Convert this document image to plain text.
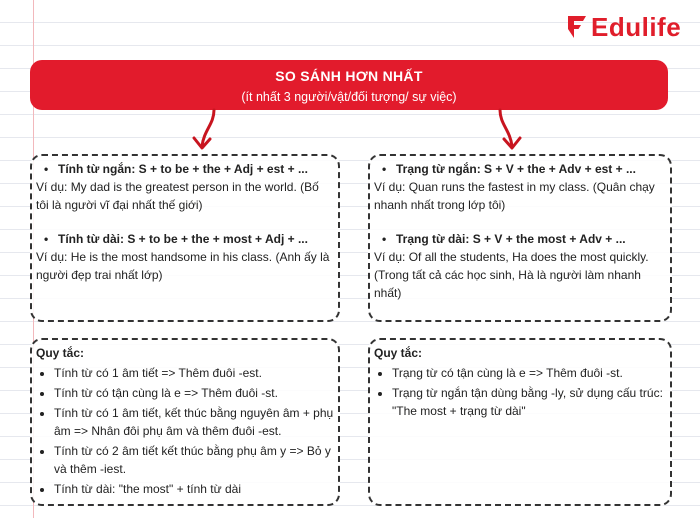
Edulife
SO SÁNH HƠN NHẤT
(ít nhất 3 người/vật/đối tượng/ sự việc)
• Tính từ ngắn: S + to be + the + Adj + est + ...

Ví dụ: My dad is the greatest person in the world. (Bố tôi là người vĩ đại nhất thế giới)

• Tính từ dài: S + to be + the + most + Adj + ...

Ví dụ: He is the most handsome in his class. (Anh ấy là người đẹp trai nhất lớp)

• Trạng từ ngắn: S + V + the + Adv + est + ...

Ví dụ: Quan runs the fastest in my class. (Quân chạy nhanh nhất trong lớp tôi)

• Trạng từ dài: S + V + the most + Adv + ...

Ví dụ: Of all the students, Ha does the most quickly. (Trong tất cả các học sinh, Hà là người làm nhanh nhất)

Quy tắc:
• Tính từ có 1 âm tiết => Thêm đuôi -est.
• Tính từ có tận cùng là e => Thêm đuôi -st.
• Tính từ có 1 âm tiết, kết thúc bằng nguyên âm + phụ âm => Nhân đôi phụ âm và thêm đuôi -est.
• Tính từ có 2 âm tiết kết thúc bằng phụ âm y => Bỏ y và thêm -iest.
• Tính từ dài: "the most" + tính từ dài
Quy tắc:
• Trạng từ có tận cùng là e => Thêm đuôi -st.
• Trạng từ ngắn tận dùng bằng -ly, sử dụng cấu trúc: "The most + trạng từ dài"
